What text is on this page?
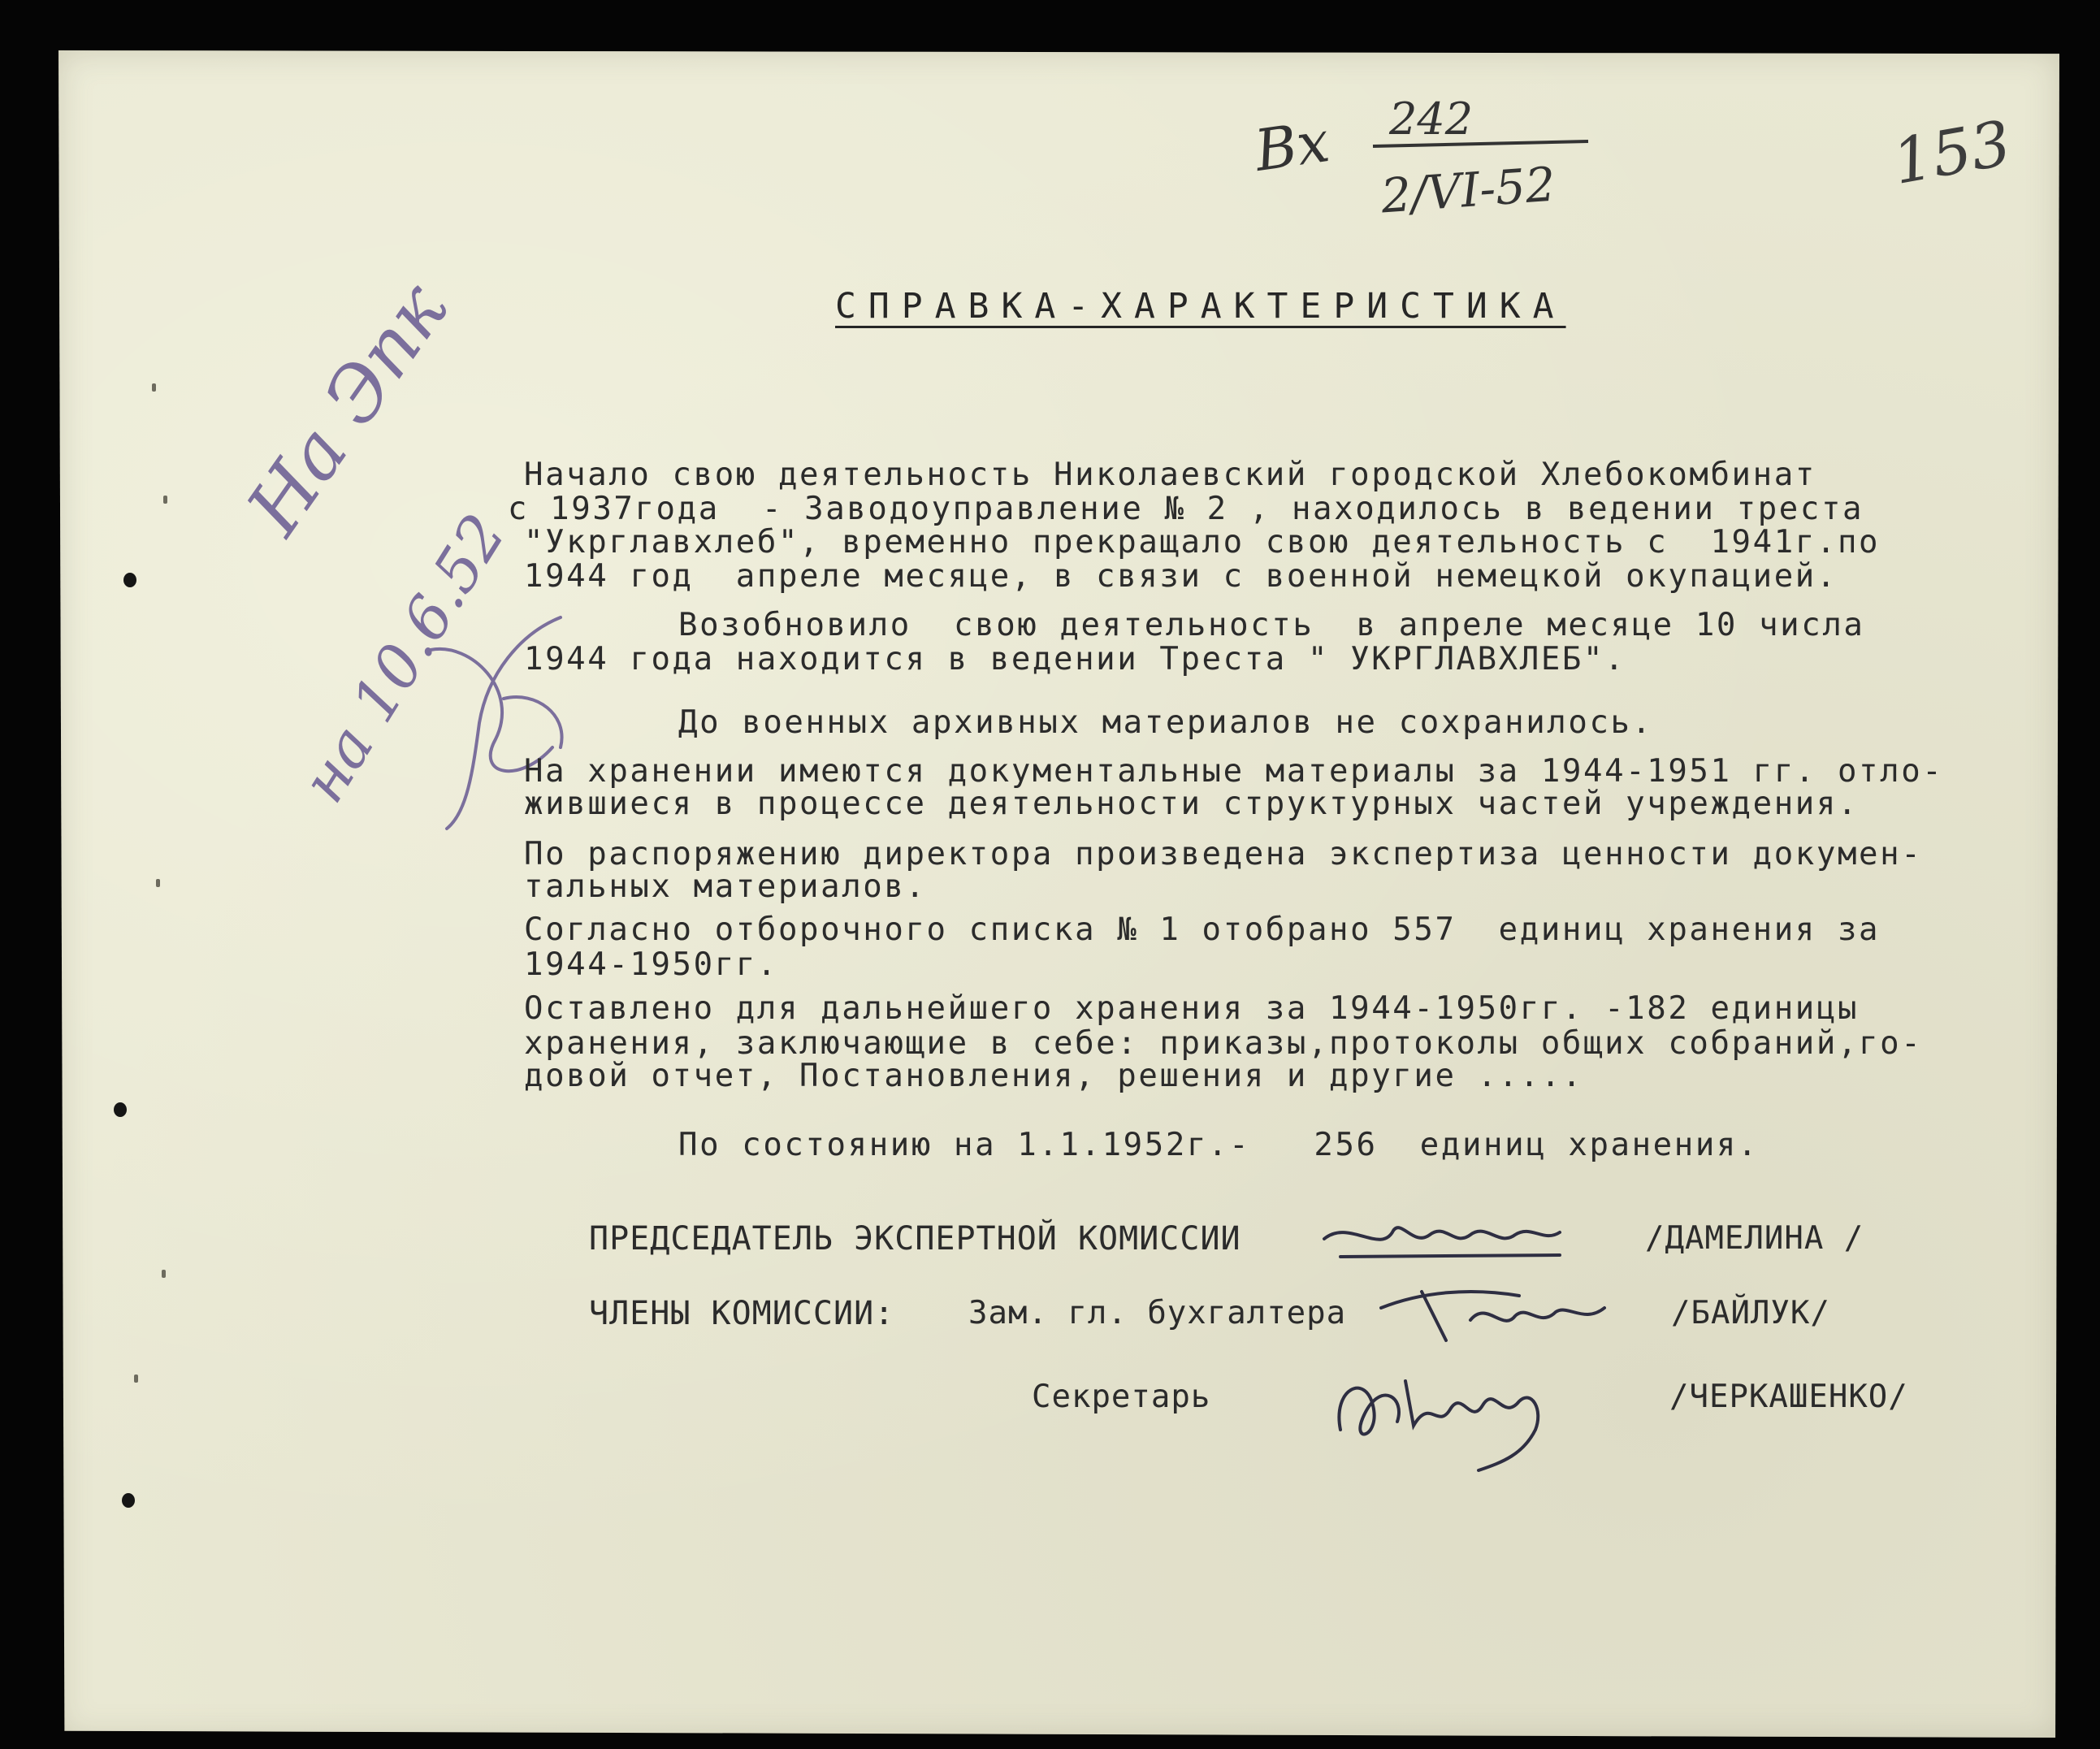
Вх 242
2/VI-52	153
СПРАВКА-ХАРАКТЕРИСТИКА
На Эпк
на 10.6.52
Начало свою деятельность Николаевский городской Хлебокомбинат
с 1937года  - Заводоуправление № 2 , находилось в ведении треста
"Укрглавхлеб", временно прекращало свою деятельность с  1941г.по
1944 год  апреле месяце, в связи с военной немецкой окупацией.
Возобновило  свою деятельность  в апреле месяце 10 числа
1944 года находится в ведении Треста " УКРГЛАВХЛЕБ".
До военных архивных материалов не сохранилось.
На хранении имеются документальные материалы за 1944-1951 гг. отло-
жившиеся в процессе деятельности структурных частей учреждения.
По распоряжению директора произведена экспертиза ценности докумен-
тальных материалов.
Согласно отборочного списка № 1 отобрано 557  единиц хранения за
1944-1950гг.
Оставлено для дальнейшего хранения за 1944-1950гг. -182 единицы
хранения, заключающие в себе: приказы,протоколы общих собраний,го-
довой отчет, Постановления, решения и другие .....
По состоянию на 1.1.1952г.-   256  единиц хранения.
ПРЕДСЕДАТЕЛЬ ЭКСПЕРТНОЙ КОМИССИИ	/ДАМЕЛИНА /
ЧЛЕНЫ КОМИССИИ: Зам. гл. бухгалтера	/БАЙЛУК/
Секретарь	/ЧЕРКАШЕНКО/
